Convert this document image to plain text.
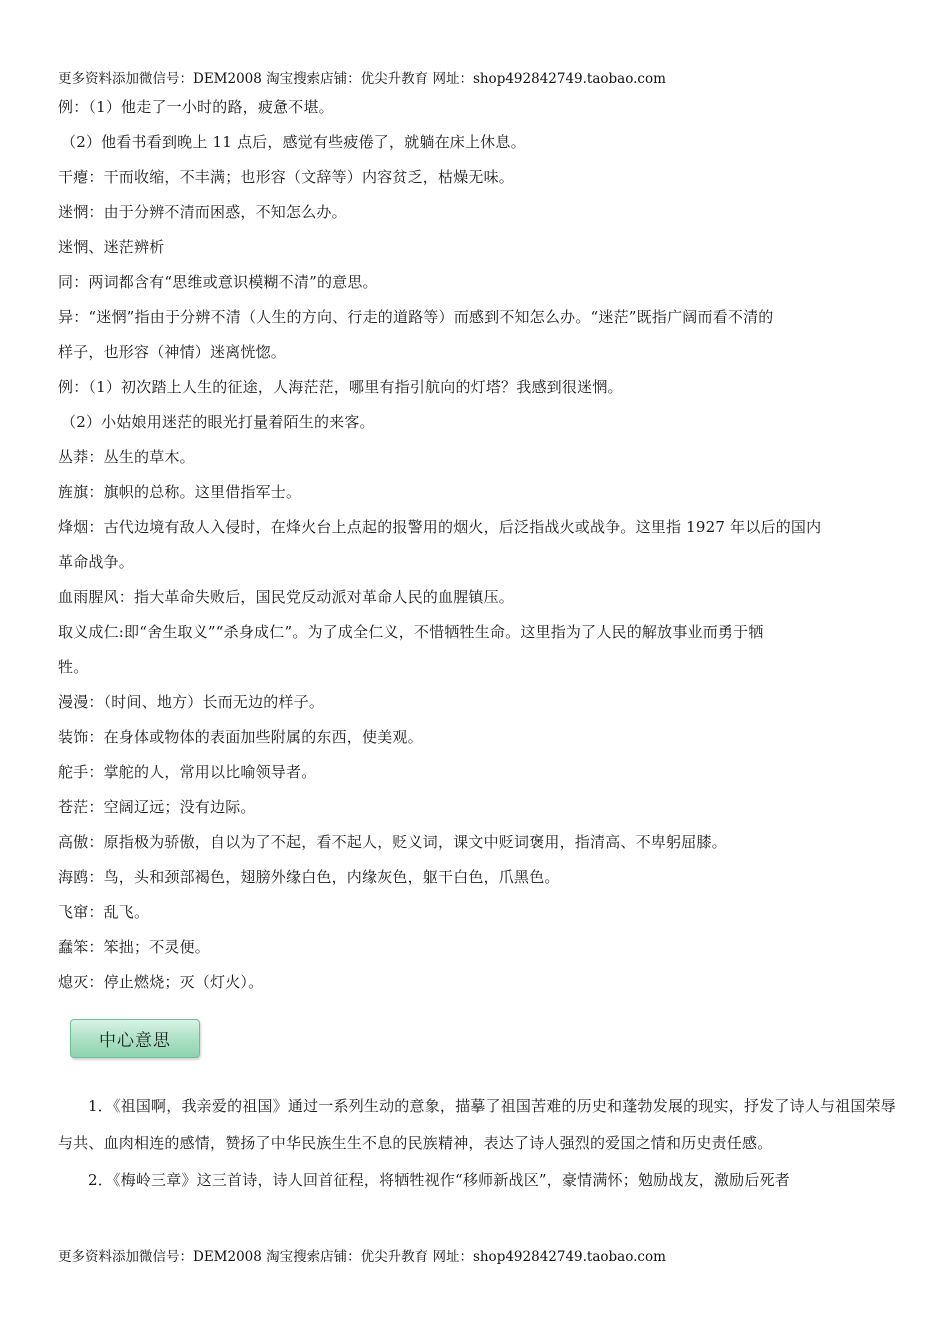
更多资料添加微信号：DEM2008 淘宝搜索店铺：优尖升教育 网址：shop492842749.taobao.com

例：（1）他走了一小时的路，疲惫不堪。

（2）他看书看到晚上 11 点后，感觉有些疲倦了，就躺在床上休息。

干瘪：干而收缩，不丰满；也形容（文辞等）内容贫乏，枯燥无味。

迷惘：由于分辨不清而困惑，不知怎么办。

迷惘、迷茫辨析

同：两词都含有“思维或意识模糊不清”的意思。

异：“迷惘”指由于分辨不清（人生的方向、行走的道路等）而感到不知怎么办。“迷茫”既指广阔而看不清的

样子，也形容（神情）迷离恍惚。

例：（1）初次踏上人生的征途，人海茫茫，哪里有指引航向的灯塔？我感到很迷惘。

（2）小姑娘用迷茫的眼光打量着陌生的来客。

丛莽：丛生的草木。

旌旗：旗帜的总称。这里借指军士。

烽烟：古代边境有敌人入侵时，在烽火台上点起的报警用的烟火，后泛指战火或战争。这里指 1927 年以后的国内

革命战争。

血雨腥风：指大革命失败后，国民党反动派对革命人民的血腥镇压。

取义成仁:即“舍生取义”“杀身成仁”。为了成全仁义，不惜牺牲生命。这里指为了人民的解放事业而勇于牺

牲。

漫漫：（时间、地方）长而无边的样子。

装饰：在身体或物体的表面加些附属的东西，使美观。

舵手：掌舵的人，常用以比喻领导者。

苍茫：空阔辽远；没有边际。

高傲：原指极为骄傲，自以为了不起，看不起人，贬义词，课文中贬词褒用，指清高、不卑躬屈膝。

海鸥：鸟，头和颈部褐色，翅膀外缘白色，内缘灰色，躯干白色，爪黑色。

飞窜：乱飞。

蠢笨：笨拙；不灵便。

熄灭：停止燃烧；灭（灯火）。

中心意思

1．《祖国啊，我亲爱的祖国》通过一系列生动的意象，描摹了祖国苦难的历史和蓬勃发展的现实，抒发了诗人与祖国荣辱与共、血肉相连的感情，赞扬了中华民族生生不息的民族精神，表达了诗人强烈的爱国之情和历史责任感。

2．《梅岭三章》这三首诗，诗人回首征程，将牺牲视作“移师新战区”，豪情满怀；勉励战友，激励后死者

更多资料添加微信号：DEM2008 淘宝搜索店铺：优尖升教育 网址：shop492842749.taobao.com
